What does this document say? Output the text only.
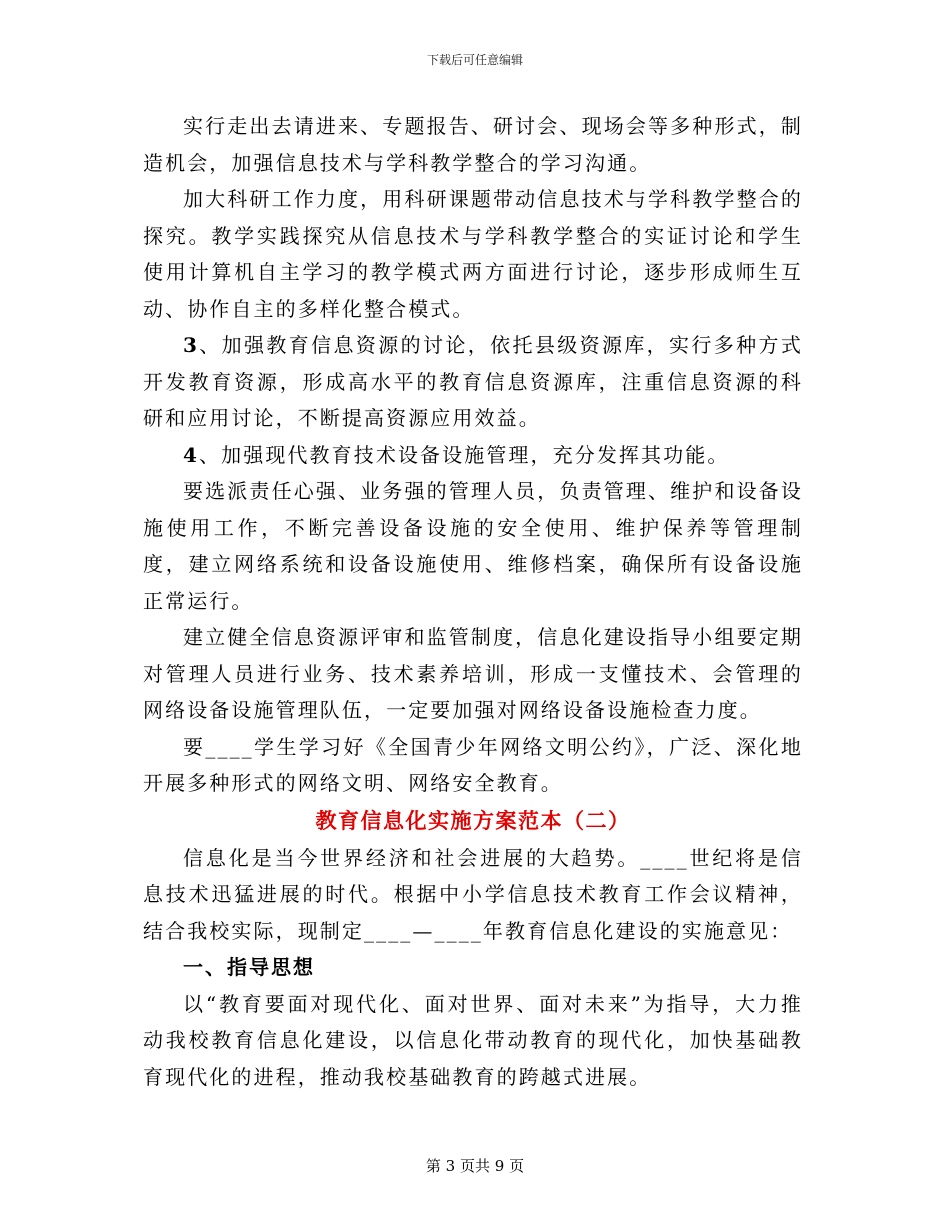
下载后可任意编辑

实行走出去请进来、专题报告、研讨会、现场会等多种形式，制造机会，加强信息技术与学科教学整合的学习沟通。

加大科研工作力度，用科研课题带动信息技术与学科教学整合的探究。教学实践探究从信息技术与学科教学整合的实证讨论和学生使用计算机自主学习的教学模式两方面进行讨论，逐步形成师生互动、协作自主的多样化整合模式。

3、加强教育信息资源的讨论，依托县级资源库，实行多种方式开发教育资源，形成高水平的教育信息资源库，注重信息资源的科研和应用讨论，不断提高资源应用效益。

4、加强现代教育技术设备设施管理，充分发挥其功能。

要选派责任心强、业务强的管理人员，负责管理、维护和设备设施使用工作，不断完善设备设施的安全使用、维护保养等管理制度，建立网络系统和设备设施使用、维修档案，确保所有设备设施正常运行。

建立健全信息资源评审和监管制度，信息化建设指导小组要定期对管理人员进行业务、技术素养培训，形成一支懂技术、会管理的网络设备设施管理队伍，一定要加强对网络设备设施检查力度。

要____学生学习好《全国青少年网络文明公约》，广泛、深化地开展多种形式的网络文明、网络安全教育。

教育信息化实施方案范本（二）

信息化是当今世界经济和社会进展的大趋势。____世纪将是信息技术迅猛进展的时代。根据中小学信息技术教育工作会议精神，结合我校实际，现制定____—____年教育信息化建设的实施意见：

一、指导思想

以“教育要面对现代化、面对世界、面对未来”为指导，大力推动我校教育信息化建设，以信息化带动教育的现代化，加快基础教育现代化的进程，推动我校基础教育的跨越式进展。

第 3 页共 9 页
